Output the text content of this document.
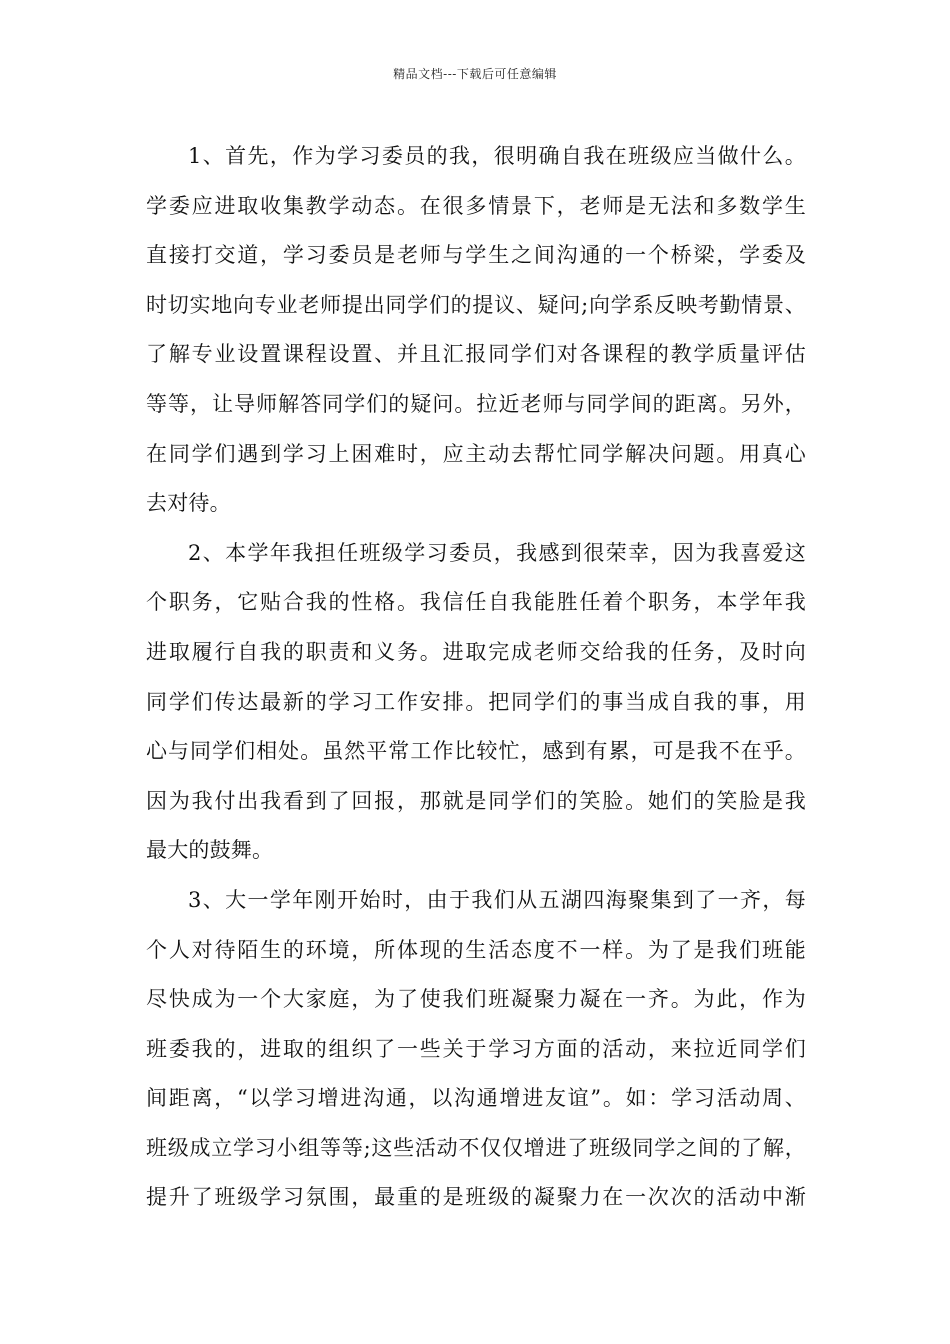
精品文档---下载后可任意编辑
1、首先，作为学习委员的我，很明确自我在班级应当做什么。
学委应进取收集教学动态。在很多情景下，老师是无法和多数学生
直接打交道，学习委员是老师与学生之间沟通的一个桥梁，学委及
时切实地向专业老师提出同学们的提议、疑问;向学系反映考勤情景、
了解专业设置课程设置、并且汇报同学们对各课程的教学质量评估
等等，让导师解答同学们的疑问。拉近老师与同学间的距离。另外，
在同学们遇到学习上困难时，应主动去帮忙同学解决问题。用真心
去对待。
2、本学年我担任班级学习委员，我感到很荣幸，因为我喜爱这
个职务，它贴合我的性格。我信任自我能胜任着个职务，本学年我
进取履行自我的职责和义务。进取完成老师交给我的任务，及时向
同学们传达最新的学习工作安排。把同学们的事当成自我的事，用
心与同学们相处。虽然平常工作比较忙，感到有累，可是我不在乎。
因为我付出我看到了回报，那就是同学们的笑脸。她们的笑脸是我
最大的鼓舞。
3、大一学年刚开始时，由于我们从五湖四海聚集到了一齐，每
个人对待陌生的环境，所体现的生活态度不一样。为了是我们班能
尽快成为一个大家庭，为了使我们班凝聚力凝在一齐。为此，作为
班委我的，进取的组织了一些关于学习方面的活动，来拉近同学们
间距离，“以学习增进沟通，以沟通增进友谊”。如：学习活动周、
班级成立学习小组等等;这些活动不仅仅增进了班级同学之间的了解，
提升了班级学习氛围，最重的是班级的凝聚力在一次次的活动中渐
